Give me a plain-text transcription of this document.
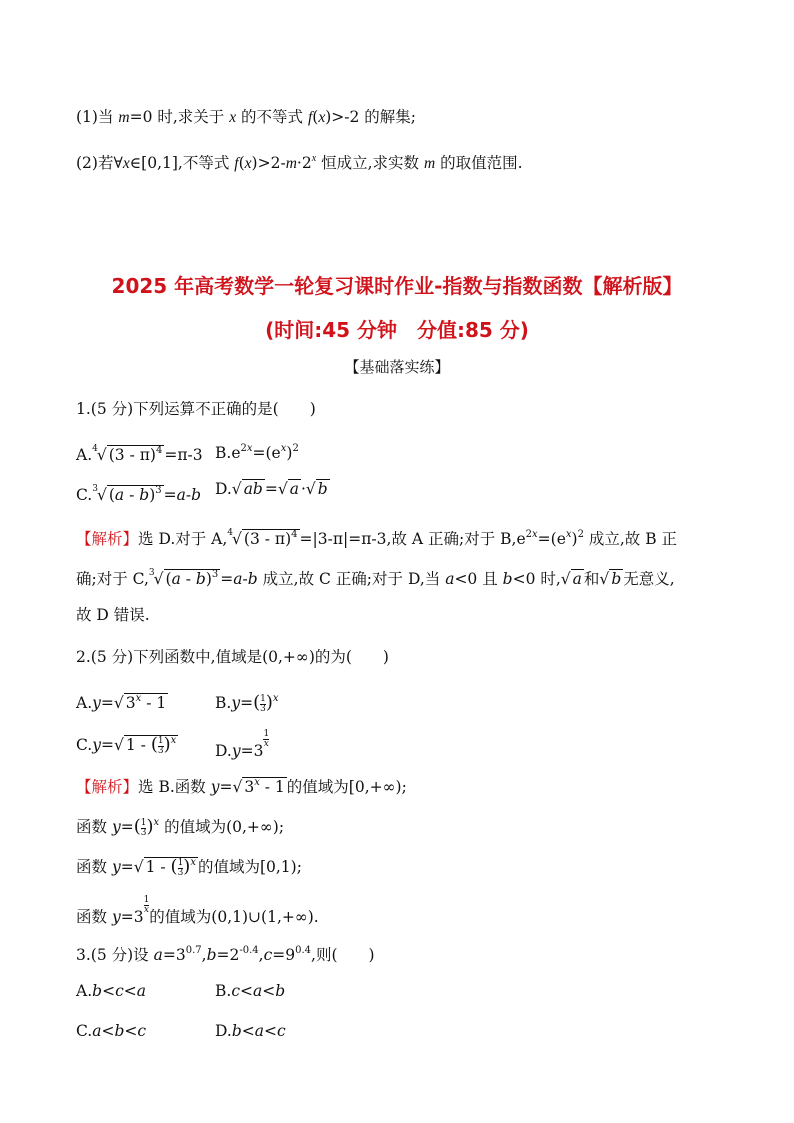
(1)当 m=0 时,求关于 x 的不等式 f(x)>-2 的解集;
(2)若∀x∈[0,1],不等式 $f(x)>2-m\cdot 2^x$ 恒成立,求实数 m 的取值范围.
2025 年高考数学一轮复习课时作业-指数与指数函数【解析版】
(时间:45 分钟　分值:85 分)
【基础落实练】
1.(5 分)下列运算不正确的是(　　)
A.$^4$√ (3 - π)$^4$ =π-3 $B.e^{2x}=(e^x)^2$
C.$^3$√ (a - b)$^3$ =a-b D.√ ab =√ a ·√ b
【解析】选 D.对于 A,$^4$√ (3 - π)$^4$ =|3-π|=π-3,故 A 正确;对于 $B,e^{2x}=(e^x)^2$ 成立,故 B 正
确;对于 C,$^3$√ (a - b)$^3$ =a-b 成立,故 C 正确;对于 D,当 a<0 且 b<0 时,√ a 和√ b 无意义,
故 D 错误.
2.(5 分)下列函数中,值域是(0,+∞)的为(　　)
A.y=√ 3$^x$ - 1	$B.y=( \frac{1}{3} )^x$
C.y=√ 1 - ( $\frac{1}{3} )^x$
D.y=3
$\frac{1}{x}$
【解析】选 B.函数 y=√ 3$^x$ - 1 的值域为[0,+∞);
函数 $y=( \frac{1}{3} )^x$ 的值域为(0,+∞);
函数 y=√ 1 - ( $\frac{1}{3} )^x$ 的值域为[0,1);
函数 y=3
$\frac{1}{x}$
的值域为(0,1)∪(1,+∞).
3.(5 分)设 $a=3^{0.7},b=2^{-0.4},c=9^{0.4}$,则(　　)
A.b<c<a	B.c<a<b
C.a<b<c	D.b<a<c
